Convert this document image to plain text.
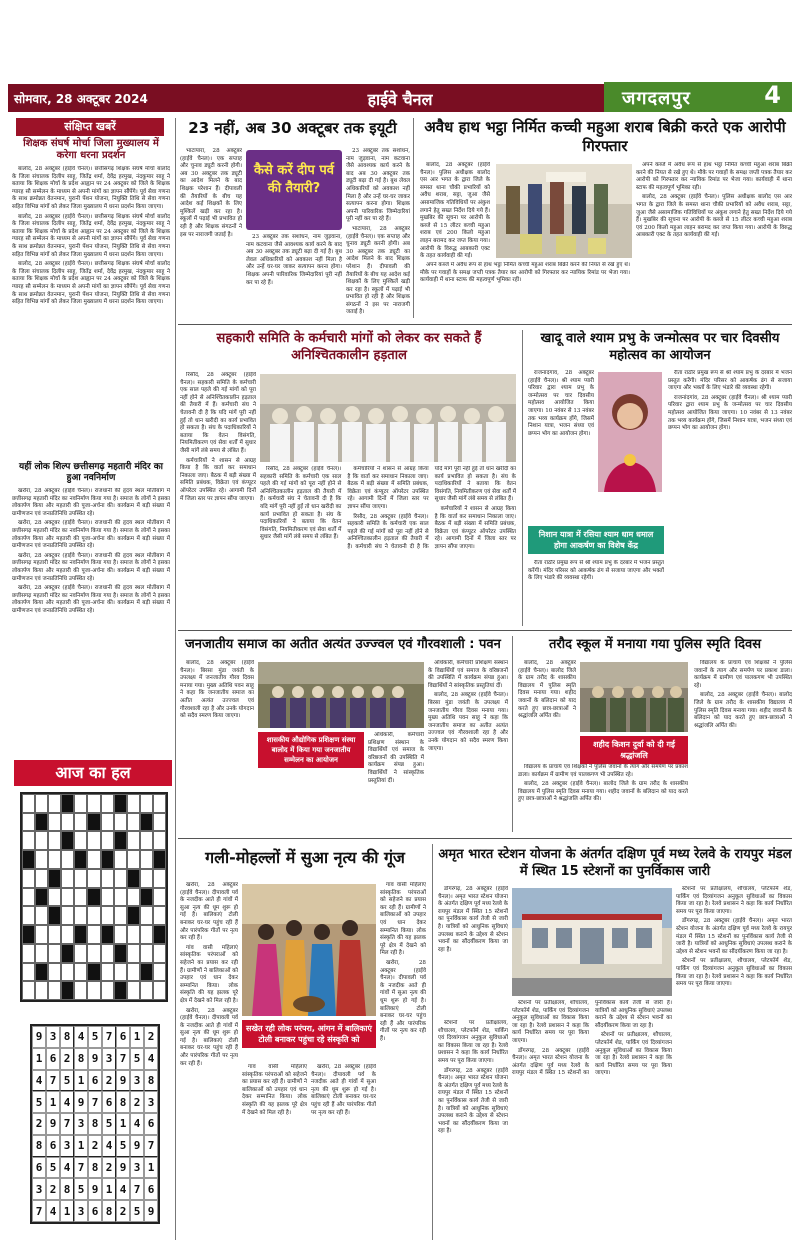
सोमवार, 28 अक्टूबर 2024	हाईवे चैनल	जगदलपुर	4
संक्षिप्त खबरें
शिक्षक संघर्ष मोर्चा जिला मुख्यालय में करेगा धरना प्रदर्शन

बालोद, 28 अक्टूबर (हाईवे चैनल)। छत्तीसगढ़ शिक्षक संघर्ष मोर्चा बालोद के जिला संचालक दिलीप साहू, जितेंद्र शर्मा, देवेंद्र हरमुख, नंदकुमार साहू ने बताया कि शिक्षक मोर्चा के प्रदेश आह्वान पर 24 अक्टूबर को जिले के शिक्षक ग्यारह सौ सम्मेलन के माध्यम से अपनी मांगों का ज्ञापन सौंपेंगे। पूर्व सेवा गणना के साथ क्रमोन्नत वेतनमान, पुरानी पेंशन योजना, नियुक्ति तिथि से सेवा गणना सहित विभिन्न मांगों को लेकर जिला मुख्यालय में धरना प्रदर्शन किया जाएगा।

बालोद, 28 अक्टूबर (हाईवे चैनल)। छत्तीसगढ़ शिक्षक संघर्ष मोर्चा बालोद के जिला संचालक दिलीप साहू, जितेंद्र शर्मा, देवेंद्र हरमुख, नंदकुमार साहू ने बताया कि शिक्षक मोर्चा के प्रदेश आह्वान पर 24 अक्टूबर को जिले के शिक्षक ग्यारह सौ सम्मेलन के माध्यम से अपनी मांगों का ज्ञापन सौंपेंगे। पूर्व सेवा गणना के साथ क्रमोन्नत वेतनमान, पुरानी पेंशन योजना, नियुक्ति तिथि से सेवा गणना सहित विभिन्न मांगों को लेकर जिला मुख्यालय में धरना प्रदर्शन किया जाएगा।

बालोद, 28 अक्टूबर (हाईवे चैनल)। छत्तीसगढ़ शिक्षक संघर्ष मोर्चा बालोद के जिला संचालक दिलीप साहू, जितेंद्र शर्मा, देवेंद्र हरमुख, नंदकुमार साहू ने बताया कि शिक्षक मोर्चा के प्रदेश आह्वान पर 24 अक्टूबर को जिले के शिक्षक ग्यारह सौ सम्मेलन के माध्यम से अपनी मांगों का ज्ञापन सौंपेंगे। पूर्व सेवा गणना के साथ क्रमोन्नत वेतनमान, पुरानी पेंशन योजना, नियुक्ति तिथि से सेवा गणना सहित विभिन्न मांगों को लेकर जिला मुख्यालय में धरना प्रदर्शन किया जाएगा।

यहीं लोक शिल्प छत्तीसगढ़ महतारी मंदिर का हुआ नवनिर्माण

खरोरा, 28 अक्टूबर (हाईवे चैनल)। राजधानी की हृदय स्थल मोतीबाग में छत्तीसगढ़ महतारी मंदिर का नवनिर्माण किया गया है। समाज के लोगों ने इसका लोकार्पण किया और महतारी की पूजा-अर्चना की। कार्यक्रम में बड़ी संख्या में ग्रामीणजन एवं जनप्रतिनिधि उपस्थित रहे।

खरोरा, 28 अक्टूबर (हाईवे चैनल)। राजधानी की हृदय स्थल मोतीबाग में छत्तीसगढ़ महतारी मंदिर का नवनिर्माण किया गया है। समाज के लोगों ने इसका लोकार्पण किया और महतारी की पूजा-अर्चना की। कार्यक्रम में बड़ी संख्या में ग्रामीणजन एवं जनप्रतिनिधि उपस्थित रहे।

खरोरा, 28 अक्टूबर (हाईवे चैनल)। राजधानी की हृदय स्थल मोतीबाग में छत्तीसगढ़ महतारी मंदिर का नवनिर्माण किया गया है। समाज के लोगों ने इसका लोकार्पण किया और महतारी की पूजा-अर्चना की। कार्यक्रम में बड़ी संख्या में ग्रामीणजन एवं जनप्रतिनिधि उपस्थित रहे।

खरोरा, 28 अक्टूबर (हाईवे चैनल)। राजधानी की हृदय स्थल मोतीबाग में छत्तीसगढ़ महतारी मंदिर का नवनिर्माण किया गया है। समाज के लोगों ने इसका लोकार्पण किया और महतारी की पूजा-अर्चना की। कार्यक्रम में बड़ी संख्या में ग्रामीणजन एवं जनप्रतिनिधि उपस्थित रहे।

आज का हल
9 3 8 4 5 7 6 1 2
1 6 2 8 9 3 7 5 4
4 7 5 1 6 2 9 3 8
5 1 4 9 7 6 8 2 3
2 9 7 3 8 5 1 4 6
8 6 3 1 2 4 5 9 7
6 5 4 7 8 2 9 3 1
3 2 8 5 9 1 4 7 6
7 4 1 3 6 8 2 5 9
23 नहीं, अब 30 अक्टूबर तक इयूटी

भाटापारा, 28 अक्टूबर (हाईवे चैनल)। एक सप्ताह और चुनाव ड्यूटी करनी होगी। अब 30 अक्टूबर तक ड्यूटी का आदेश मिलने के बाद शिक्षक परेशान हैं। दीपावली की तैयारियों के बीच यह आदेश कई शिक्षकों के लिए मुश्किलें खड़ी कर रहा है। स्कूलों में पढ़ाई भी प्रभावित हो रही है और शिक्षक संगठनों ने इस पर नाराजगी जताई है।

कैसे करें दीप पर्व की तैयारी?

23 अक्टूबर तक संशोधन, नाम जुड़वाना, नाम कटवाना जैसे आवश्यक कार्य करने के बाद अब 30 अक्टूबर तक ड्यूटी बढ़ा दी गई है। बूथ लेवल अधिकारियों को अवकाश नहीं मिला है और उन्हें घर-घर जाकर सत्यापन करना होगा। शिक्षक अपनी पारिवारिक जिम्मेदारियां पूरी नहीं कर पा रहे हैं।

23 अक्टूबर तक संशोधन, नाम जुड़वाना, नाम कटवाना जैसे आवश्यक कार्य करने के बाद अब 30 अक्टूबर तक ड्यूटी बढ़ा दी गई है। बूथ लेवल अधिकारियों को अवकाश नहीं मिला है और उन्हें घर-घर जाकर सत्यापन करना होगा। शिक्षक अपनी पारिवारिक जिम्मेदारियां पूरी नहीं कर पा रहे हैं।

भाटापारा, 28 अक्टूबर (हाईवे चैनल)। एक सप्ताह और चुनाव ड्यूटी करनी होगी। अब 30 अक्टूबर तक ड्यूटी का आदेश मिलने के बाद शिक्षक परेशान हैं। दीपावली की तैयारियों के बीच यह आदेश कई शिक्षकों के लिए मुश्किलें खड़ी कर रहा है। स्कूलों में पढ़ाई भी प्रभावित हो रही है और शिक्षक संगठनों ने इस पर नाराजगी जताई है।

अवैध हाथ भट्ठा निर्मित कच्ची महुआ शराब बिक्री करते एक आरोपी गिरफ्तार

बालोद, 28 अक्टूबर (हाईवे चैनल)। पुलिस अधीक्षक बालोद एस आर भगत के द्वारा जिले के समस्त थाना चौकी प्रभारियों को अवैध शराब, सट्टा, जुआ जैसे असामाजिक गतिविधियों पर अंकुश लगाने हेतु सख्त निर्देश दिये गये हैं। मुखबिर की सूचना पर आरोपी के कब्जे से 15 लीटर कच्ची महुआ शराब एवं 200 किलो महुआ लाहन बरामद कर जप्त किया गया। आरोपी के विरुद्ध आबकारी एक्ट के तहत कार्यवाही की गई।

अपने कब्जे में अवैध रूप से हाथ भट्ठा निर्मित कच्ची महुआ शराब बिक्री करने की नियत से रखे हुए थे। मौके पर गवाहों के समक्ष जप्ती पत्रक तैयार कर आरोपी को गिरफ्तार कर न्यायिक रिमांड पर भेजा गया। कार्यवाही में थाना स्टाफ की महत्वपूर्ण भूमिका रही।

अपने कब्जे में अवैध रूप से हाथ भट्ठा निर्मित कच्ची महुआ शराब बिक्री करने की नियत से रखे हुए थे। मौके पर गवाहों के समक्ष जप्ती पत्रक तैयार कर आरोपी को गिरफ्तार कर न्यायिक रिमांड पर भेजा गया। कार्यवाही में थाना स्टाफ की महत्वपूर्ण भूमिका रही।

बालोद, 28 अक्टूबर (हाईवे चैनल)। पुलिस अधीक्षक बालोद एस आर भगत के द्वारा जिले के समस्त थाना चौकी प्रभारियों को अवैध शराब, सट्टा, जुआ जैसे असामाजिक गतिविधियों पर अंकुश लगाने हेतु सख्त निर्देश दिये गये हैं। मुखबिर की सूचना पर आरोपी के कब्जे से 15 लीटर कच्ची महुआ शराब एवं 200 किलो महुआ लाहन बरामद कर जप्त किया गया। आरोपी के विरुद्ध आबकारी एक्ट के तहत कार्यवाही की गई।

सहकारी समिति के कर्मचारी मांगों को लेकर कर सकते हैं अनिश्चितकालीन हड़ताल

रिसौद, 28 अक्टूबर (हाईवे चैनल)। सहकारी समिति के कर्मचारी एक साल पहले की गई मांगों को पूरा नहीं होने से अनिश्चितकालीन हड़ताल की तैयारी में हैं। कर्मचारी संघ ने चेतावनी दी है कि यदि मांगें पूरी नहीं हुईं तो धान खरीदी का कार्य प्रभावित हो सकता है। संघ के पदाधिकारियों ने बताया कि वेतन विसंगति, नियमितीकरण एवं सेवा शर्तों में सुधार जैसी मांगें लंबे समय से लंबित हैं।

कर्मचारियों ने शासन से आग्रह किया है कि वार्ता कर समाधान निकाला जाए। बैठक में बड़ी संख्या में समिति प्रबंधक, विक्रेता एवं कंप्यूटर ऑपरेटर उपस्थित रहे। आगामी दिनों में जिला स्तर पर ज्ञापन सौंपा जाएगा।

रिसौद, 28 अक्टूबर (हाईवे चैनल)। सहकारी समिति के कर्मचारी एक साल पहले की गई मांगों को पूरा नहीं होने से अनिश्चितकालीन हड़ताल की तैयारी में हैं। कर्मचारी संघ ने चेतावनी दी है कि यदि मांगें पूरी नहीं हुईं तो धान खरीदी का कार्य प्रभावित हो सकता है। संघ के पदाधिकारियों ने बताया कि वेतन विसंगति, नियमितीकरण एवं सेवा शर्तों में सुधार जैसी मांगें लंबे समय से लंबित हैं।

कर्मचारियों ने शासन से आग्रह किया है कि वार्ता कर समाधान निकाला जाए। बैठक में बड़ी संख्या में समिति प्रबंधक, विक्रेता एवं कंप्यूटर ऑपरेटर उपस्थित रहे। आगामी दिनों में जिला स्तर पर ज्ञापन सौंपा जाएगा।

रिसौद, 28 अक्टूबर (हाईवे चैनल)। सहकारी समिति के कर्मचारी एक साल पहले की गई मांगों को पूरा नहीं होने से अनिश्चितकालीन हड़ताल की तैयारी में हैं। कर्मचारी संघ ने चेतावनी दी है कि यदि मांगें पूरी नहीं हुईं तो धान खरीदी का कार्य प्रभावित हो सकता है। संघ के पदाधिकारियों ने बताया कि वेतन विसंगति, नियमितीकरण एवं सेवा शर्तों में सुधार जैसी मांगें लंबे समय से लंबित हैं।

कर्मचारियों ने शासन से आग्रह किया है कि वार्ता कर समाधान निकाला जाए। बैठक में बड़ी संख्या में समिति प्रबंधक, विक्रेता एवं कंप्यूटर ऑपरेटर उपस्थित रहे। आगामी दिनों में जिला स्तर पर ज्ञापन सौंपा जाएगा।

खादू वाले श्याम प्रभु के जन्मोत्सव पर चार दिवसीय महोत्सव का आयोजन

राजनांदगांव, 28 अक्टूबर (हाईवे चैनल)। श्री श्याम प्यारी परिवार द्वारा श्याम प्रभु के जन्मोत्सव पर चार दिवसीय महोत्सव आयोजित किया जाएगा। 10 नवंबर से 13 नवंबर तक भव्य कार्यक्रम होंगे, जिसमें निशान यात्रा, भजन संध्या एवं छप्पन भोग का आयोजन होगा।

निशान यात्रा में रसिया श्याम धाम धमाल होगा आकर्षण का विशेष केंद्र

रीता राठौर प्रमुख रूप से श्री श्याम प्रभु के दरबार में भजन प्रस्तुत करेंगी। मंदिर परिसर को आकर्षक ढंग से सजाया जाएगा और भक्तों के लिए भंडारे की व्यवस्था रहेगी।

रीता राठौर प्रमुख रूप से श्री श्याम प्रभु के दरबार में भजन प्रस्तुत करेंगी। मंदिर परिसर को आकर्षक ढंग से सजाया जाएगा और भक्तों के लिए भंडारे की व्यवस्था रहेगी।

राजनांदगांव, 28 अक्टूबर (हाईवे चैनल)। श्री श्याम प्यारी परिवार द्वारा श्याम प्रभु के जन्मोत्सव पर चार दिवसीय महोत्सव आयोजित किया जाएगा। 10 नवंबर से 13 नवंबर तक भव्य कार्यक्रम होंगे, जिसमें निशान यात्रा, भजन संध्या एवं छप्पन भोग का आयोजन होगा।

जनजातीय समाज का अतीत अत्यंत उज्ज्वल एवं गौरवशाली : पवन

बालोद, 28 अक्टूबर (हाईवे चैनल)। बिरसा मुंडा जयंती के उपलक्ष्य में जनजातीय गौरव दिवस मनाया गया। मुख्य अतिथि पवन साहू ने कहा कि जनजातीय समाज का अतीत अत्यंत उज्ज्वल एवं गौरवशाली रहा है और उनके योगदान को सदैव स्मरण किया जाएगा।

शासकीय औद्योगिक प्रशिक्षण संस्था बालोद में किया गया जनजातीय सम्मेलन का आयोजन

अधिकारी, कर्मचारी प्रशिक्षण संस्थान के विद्यार्थियों एवं समाज के वरिष्ठजनों की उपस्थिति में कार्यक्रम संपन्न हुआ। विद्यार्थियों ने सांस्कृतिक प्रस्तुतियां दीं।

अधिकारी, कर्मचारी प्रशिक्षण संस्थान के विद्यार्थियों एवं समाज के वरिष्ठजनों की उपस्थिति में कार्यक्रम संपन्न हुआ। विद्यार्थियों ने सांस्कृतिक प्रस्तुतियां दीं।

बालोद, 28 अक्टूबर (हाईवे चैनल)। बिरसा मुंडा जयंती के उपलक्ष्य में जनजातीय गौरव दिवस मनाया गया। मुख्य अतिथि पवन साहू ने कहा कि जनजातीय समाज का अतीत अत्यंत उज्ज्वल एवं गौरवशाली रहा है और उनके योगदान को सदैव स्मरण किया जाएगा।

तरौद स्कूल में मनाया गया पुलिस स्मृति दिवस

बालोद, 28 अक्टूबर (हाईवे चैनल)। बालोद जिले के ग्राम तरौद के शासकीय विद्यालय में पुलिस स्मृति दिवस मनाया गया। शहीद जवानों के बलिदान को याद करते हुए छात्र-छात्राओं ने श्रद्धांजलि अर्पित की।

शहीद किशन दुर्वा को दी गई श्रद्धांजलि

विद्यालय के प्राचार्य एवं शिक्षकों ने पुलिस जवानों के त्याग और समर्पण पर प्रकाश डाला। कार्यक्रम में ग्रामीण एवं पालकगण भी उपस्थित रहे।

बालोद, 28 अक्टूबर (हाईवे चैनल)। बालोद जिले के ग्राम तरौद के शासकीय विद्यालय में पुलिस स्मृति दिवस मनाया गया। शहीद जवानों के बलिदान को याद करते हुए छात्र-छात्राओं ने श्रद्धांजलि अर्पित की।

विद्यालय के प्राचार्य एवं शिक्षकों ने पुलिस जवानों के त्याग और समर्पण पर प्रकाश डाला। कार्यक्रम में ग्रामीण एवं पालकगण भी उपस्थित रहे।

बालोद, 28 अक्टूबर (हाईवे चैनल)। बालोद जिले के ग्राम तरौद के शासकीय विद्यालय में पुलिस स्मृति दिवस मनाया गया। शहीद जवानों के बलिदान को याद करते हुए छात्र-छात्राओं ने श्रद्धांजलि अर्पित की।

गली-मोहल्लों में सुआ नृत्य की गूंज

खरोरा, 28 अक्टूबर (हाईवे चैनल)। दीपावली पर्व के नजदीक आते ही गांवों में सुआ नृत्य की धूम शुरू हो गई है। बालिकाएं टोली बनाकर घर-घर पहुंच रही हैं और पारंपरिक गीतों पर नृत्य कर रही हैं।

गांव वासी महिलाएं सांस्कृतिक परंपराओं को सहेजने का प्रयास कर रही हैं। ग्रामीणों ने बालिकाओं को उपहार एवं धान देकर सम्मानित किया। लोक संस्कृति की यह झलक पूरे क्षेत्र में देखने को मिल रही है।

खरोरा, 28 अक्टूबर (हाईवे चैनल)। दीपावली पर्व के नजदीक आते ही गांवों में सुआ नृत्य की धूम शुरू हो गई है। बालिकाएं टोली बनाकर घर-घर पहुंच रही हैं और पारंपरिक गीतों पर नृत्य कर रही हैं।

सखेत रही लोक परंपरा, आंगन में बालिकाएं टोली बनाकर पहुंचा रहे संस्कृति को

गांव वासी महिलाएं सांस्कृतिक परंपराओं को सहेजने का प्रयास कर रही हैं। ग्रामीणों ने बालिकाओं को उपहार एवं धान देकर सम्मानित किया। लोक संस्कृति की यह झलक पूरे क्षेत्र में देखने को मिल रही है।

खरोरा, 28 अक्टूबर (हाईवे चैनल)। दीपावली पर्व के नजदीक आते ही गांवों में सुआ नृत्य की धूम शुरू हो गई है। बालिकाएं टोली बनाकर घर-घर पहुंच रही हैं और पारंपरिक गीतों पर नृत्य कर रही हैं।

गांव वासी महिलाएं सांस्कृतिक परंपराओं को सहेजने का प्रयास कर रही हैं। ग्रामीणों ने बालिकाओं को उपहार एवं धान देकर सम्मानित किया। लोक संस्कृति की यह झलक पूरे क्षेत्र में देखने को मिल रही है।

खरोरा, 28 अक्टूबर (हाईवे चैनल)। दीपावली पर्व के नजदीक आते ही गांवों में सुआ नृत्य की धूम शुरू हो गई है। बालिकाएं टोली बनाकर घर-घर पहुंच रही हैं और पारंपरिक गीतों पर नृत्य कर रही हैं।

अमृत भारत स्टेशन योजना के अंतर्गत दक्षिण पूर्व मध्य रेलवे के रायपुर मंडल में स्थित 15 स्टेशनों का पुनर्विकास जारी

डोंगरगढ़, 28 अक्टूबर (हाईवे चैनल)। अमृत भारत स्टेशन योजना के अंतर्गत दक्षिण पूर्व मध्य रेलवे के रायपुर मंडल में स्थित 15 स्टेशनों का पुनर्विकास कार्य तेजी से जारी है। यात्रियों को आधुनिक सुविधाएं उपलब्ध कराने के उद्देश्य से स्टेशन भवनों का सौंदर्यीकरण किया जा रहा है।

स्टेशनों पर प्रतीक्षालय, शौचालय, प्लेटफॉर्म शेड, पार्किंग एवं दिव्यांगजन अनुकूल सुविधाओं का विकास किया जा रहा है। रेलवे प्रशासन ने कहा कि कार्य निर्धारित समय पर पूरा किया जाएगा।

डोंगरगढ़, 28 अक्टूबर (हाईवे चैनल)। अमृत भारत स्टेशन योजना के अंतर्गत दक्षिण पूर्व मध्य रेलवे के रायपुर मंडल में स्थित 15 स्टेशनों का पुनर्विकास कार्य तेजी से जारी है। यात्रियों को आधुनिक सुविधाएं उपलब्ध कराने के उद्देश्य से स्टेशन भवनों का सौंदर्यीकरण किया जा रहा है।

स्टेशनों पर प्रतीक्षालय, शौचालय, प्लेटफॉर्म शेड, पार्किंग एवं दिव्यांगजन अनुकूल सुविधाओं का विकास किया जा रहा है। रेलवे प्रशासन ने कहा कि कार्य निर्धारित समय पर पूरा किया जाएगा।

स्टेशनों पर प्रतीक्षालय, शौचालय, प्लेटफॉर्म शेड, पार्किंग एवं दिव्यांगजन अनुकूल सुविधाओं का विकास किया जा रहा है। रेलवे प्रशासन ने कहा कि कार्य निर्धारित समय पर पूरा किया जाएगा।

डोंगरगढ़, 28 अक्टूबर (हाईवे चैनल)। अमृत भारत स्टेशन योजना के अंतर्गत दक्षिण पूर्व मध्य रेलवे के रायपुर मंडल में स्थित 15 स्टेशनों का पुनर्विकास कार्य तेजी से जारी है। यात्रियों को आधुनिक सुविधाएं उपलब्ध कराने के उद्देश्य से स्टेशन भवनों का सौंदर्यीकरण किया जा रहा है।

स्टेशनों पर प्रतीक्षालय, शौचालय, प्लेटफॉर्म शेड, पार्किंग एवं दिव्यांगजन अनुकूल सुविधाओं का विकास किया जा रहा है। रेलवे प्रशासन ने कहा कि कार्य निर्धारित समय पर पूरा किया जाएगा।

डोंगरगढ़, 28 अक्टूबर (हाईवे चैनल)। अमृत भारत स्टेशन योजना के अंतर्गत दक्षिण पूर्व मध्य रेलवे के रायपुर मंडल में स्थित 15 स्टेशनों का पुनर्विकास कार्य तेजी से जारी है। यात्रियों को आधुनिक सुविधाएं उपलब्ध कराने के उद्देश्य से स्टेशन भवनों का सौंदर्यीकरण किया जा रहा है।

स्टेशनों पर प्रतीक्षालय, शौचालय, प्लेटफॉर्म शेड, पार्किंग एवं दिव्यांगजन अनुकूल सुविधाओं का विकास किया जा रहा है। रेलवे प्रशासन ने कहा कि कार्य निर्धारित समय पर पूरा किया जाएगा।
